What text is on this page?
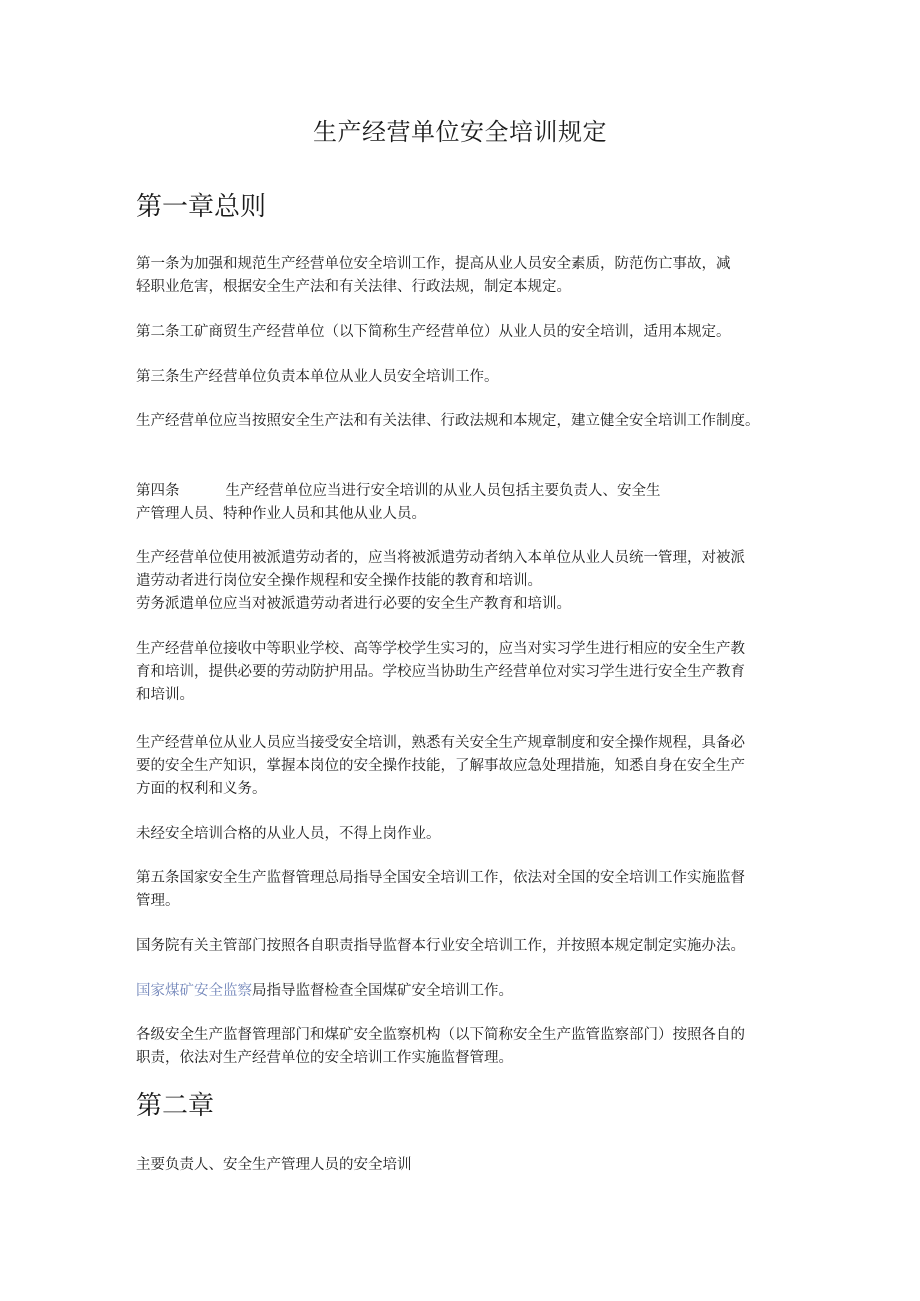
生产经营单位安全培训规定
第一章总则
第一条为加强和规范生产经营单位安全培训工作，提高从业人员安全素质，防范伤亡事故，减
轻职业危害，根据安全生产法和有关法律、行政法规，制定本规定。
第二条工矿商贸生产经营单位（以下简称生产经营单位）从业人员的安全培训，适用本规定。
第三条生产经营单位负责本单位从业人员安全培训工作。
生产经营单位应当按照安全生产法和有关法律、行政法规和本规定，建立健全安全培训工作制度。
第四条	生产经营单位应当进行安全培训的从业人员包括主要负责人、安全生
产管理人员、特种作业人员和其他从业人员。
生产经营单位使用被派遣劳动者的，应当将被派遣劳动者纳入本单位从业人员统一管理，对被派
遣劳动者进行岗位安全操作规程和安全操作技能的教育和培训。
劳务派遣单位应当对被派遣劳动者进行必要的安全生产教育和培训。
生产经营单位接收中等职业学校、高等学校学生实习的，应当对实习学生进行相应的安全生产教
育和培训，提供必要的劳动防护用品。学校应当协助生产经营单位对实习学生进行安全生产教育
和培训。
生产经营单位从业人员应当接受安全培训，熟悉有关安全生产规章制度和安全操作规程，具备必
要的安全生产知识，掌握本岗位的安全操作技能，了解事故应急处理措施，知悉自身在安全生产
方面的权利和义务。
未经安全培训合格的从业人员，不得上岗作业。
第五条国家安全生产监督管理总局指导全国安全培训工作，依法对全国的安全培训工作实施监督
管理。
国务院有关主管部门按照各自职责指导监督本行业安全培训工作，并按照本规定制定实施办法。
国家煤矿安全监察局指导监督检查全国煤矿安全培训工作。
各级安全生产监督管理部门和煤矿安全监察机构（以下简称安全生产监管监察部门）按照各自的
职责，依法对生产经营单位的安全培训工作实施监督管理。
第二章
主要负责人、安全生产管理人员的安全培训
